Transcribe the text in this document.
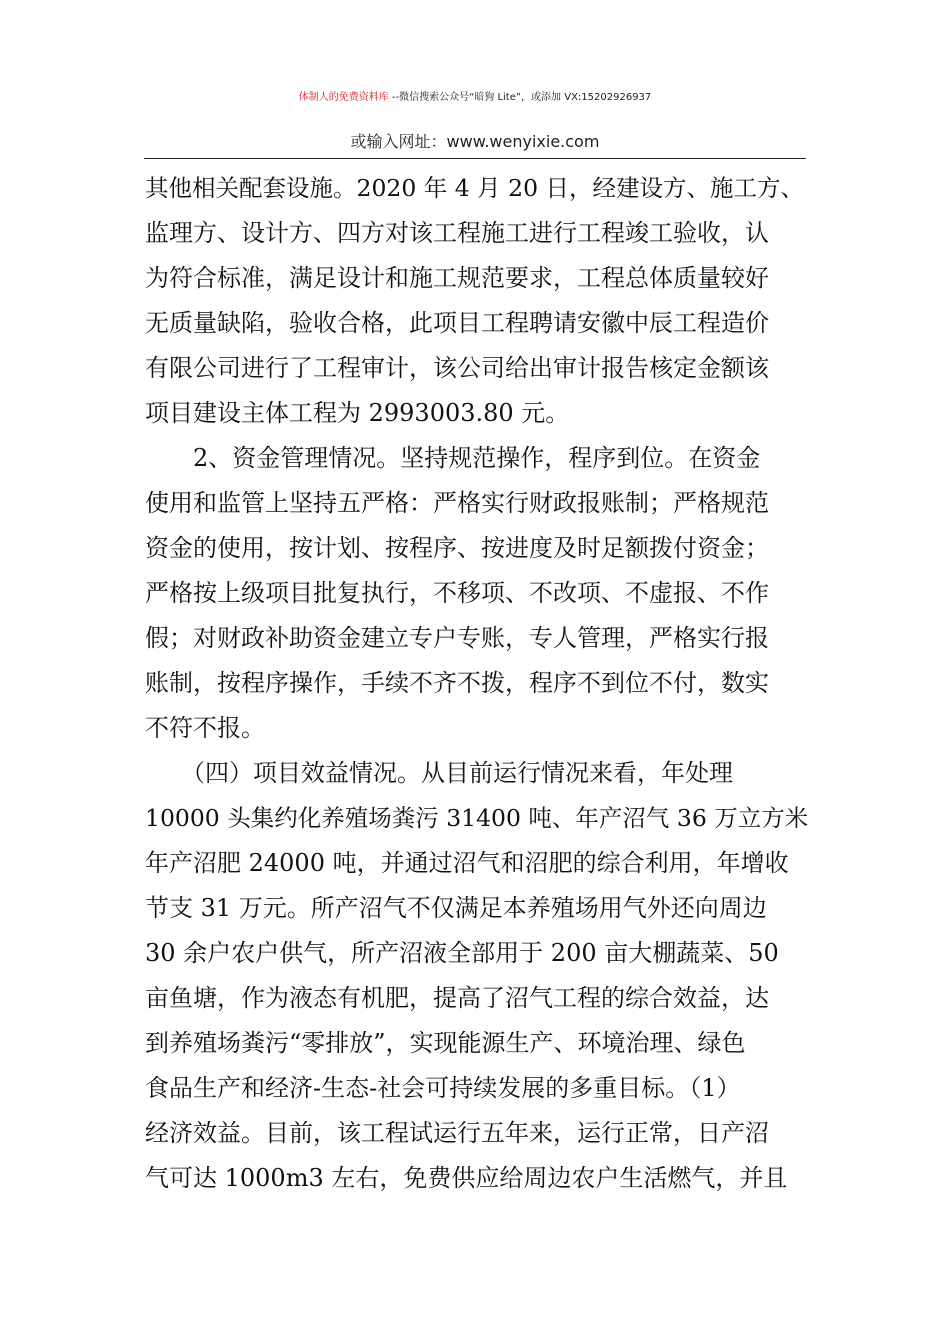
体制人的免费资料库 --微信搜索公众号“暗狗 Lite”，或添加 VX:15202926937
或输入网址：www.wenyixie.com
其他相关配套设施。2020 年 4 月 20 日，经建设方、施工方、
监理方、设计方、四方对该工程施工进行工程竣工验收，认
为符合标准，满足设计和施工规范要求，工程总体质量较好
无质量缺陷，验收合格，此项目工程聘请安徽中辰工程造价
有限公司进行了工程审计，该公司给出审计报告核定金额该
项目建设主体工程为 2993003.80 元。
　　2、资金管理情况。坚持规范操作，程序到位。在资金
使用和监管上坚持五严格：严格实行财政报账制；严格规范
资金的使用，按计划、按程序、按进度及时足额拨付资金；
严格按上级项目批复执行，不移项、不改项、不虚报、不作
假；对财政补助资金建立专户专账，专人管理，严格实行报
账制，按程序操作，手续不齐不拨，程序不到位不付，数实
不符不报。
　　（四）项目效益情况。从目前运行情况来看，年处理
10000 头集约化养殖场粪污 31400 吨、年产沼气 36 万立方米
年产沼肥 24000 吨，并通过沼气和沼肥的综合利用，年增收
节支 31 万元。所产沼气不仅满足本养殖场用气外还向周边
30 余户农户供气，所产沼液全部用于 200 亩大棚蔬菜、50
亩鱼塘，作为液态有机肥，提高了沼气工程的综合效益，达
到养殖场粪污“零排放”，实现能源生产、环境治理、绿色
食品生产和经济-生态-社会可持续发展的多重目标。（1）
经济效益。目前，该工程试运行五年来，运行正常，日产沼
气可达 1000m3 左右，免费供应给周边农户生活燃气，并且
